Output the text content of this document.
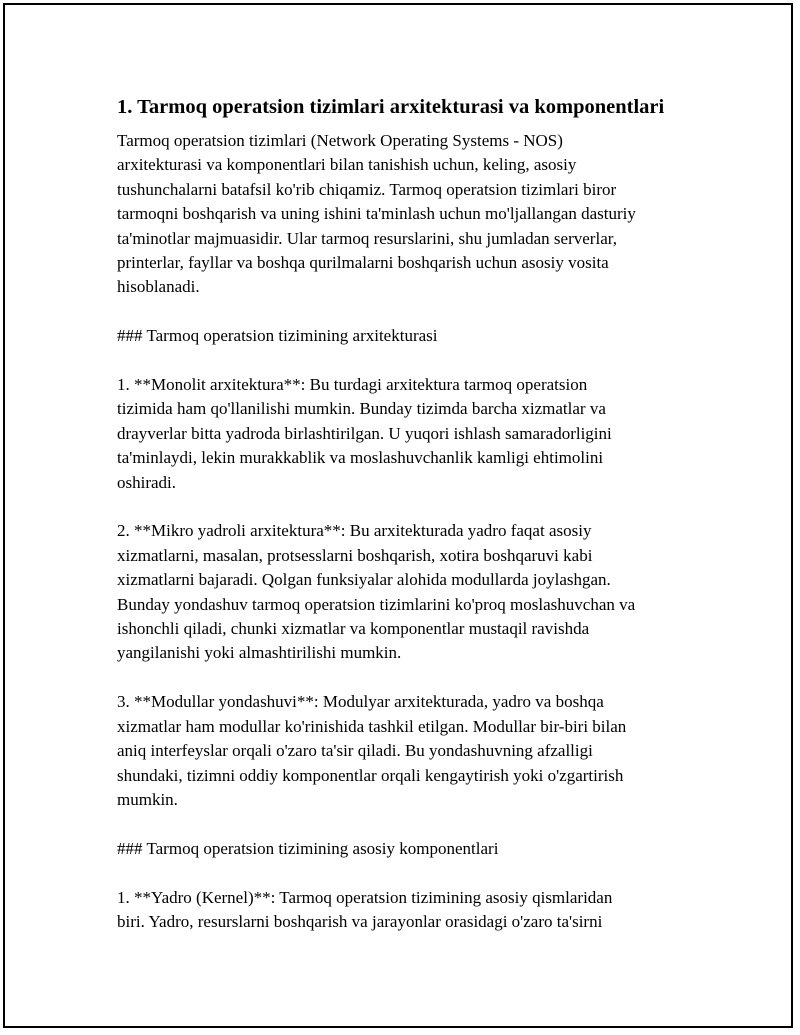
1. Tarmoq operatsion tizimlari arxitekturasi va komponentlari
Tarmoq operatsion tizimlari (Network Operating Systems - NOS)
arxitekturasi va komponentlari bilan tanishish uchun, keling, asosiy
tushunchalarni batafsil ko'rib chiqamiz. Tarmoq operatsion tizimlari biror
tarmoqni boshqarish va uning ishini ta'minlash uchun mo'ljallangan dasturiy
ta'minotlar majmuasidir. Ular tarmoq resurslarini, shu jumladan serverlar,
printerlar, fayllar va boshqa qurilmalarni boshqarish uchun asosiy vosita
hisoblanadi.
### Tarmoq operatsion tizimining arxitekturasi
1. **Monolit arxitektura**: Bu turdagi arxitektura tarmoq operatsion
tizimida ham qo'llanilishi mumkin. Bunday tizimda barcha xizmatlar va
drayverlar bitta yadroda birlashtirilgan. U yuqori ishlash samaradorligini
ta'minlaydi, lekin murakkablik va moslashuvchanlik kamligi ehtimolini
oshiradi.
2. **Mikro yadroli arxitektura**: Bu arxitekturada yadro faqat asosiy
xizmatlarni, masalan, protsesslarni boshqarish, xotira boshqaruvi kabi
xizmatlarni bajaradi. Qolgan funksiyalar alohida modullarda joylashgan.
Bunday yondashuv tarmoq operatsion tizimlarini ko'proq moslashuvchan va
ishonchli qiladi, chunki xizmatlar va komponentlar mustaqil ravishda
yangilanishi yoki almashtirilishi mumkin.
3. **Modullar yondashuvi**: Modulyar arxitekturada, yadro va boshqa
xizmatlar ham modullar ko'rinishida tashkil etilgan. Modullar bir-biri bilan
aniq interfeyslar orqali o'zaro ta'sir qiladi. Bu yondashuvning afzalligi
shundaki, tizimni oddiy komponentlar orqali kengaytirish yoki o'zgartirish
mumkin.
### Tarmoq operatsion tizimining asosiy komponentlari
1. **Yadro (Kernel)**: Tarmoq operatsion tizimining asosiy qismlaridan
biri. Yadro, resurslarni boshqarish va jarayonlar orasidagi o'zaro ta'sirni
